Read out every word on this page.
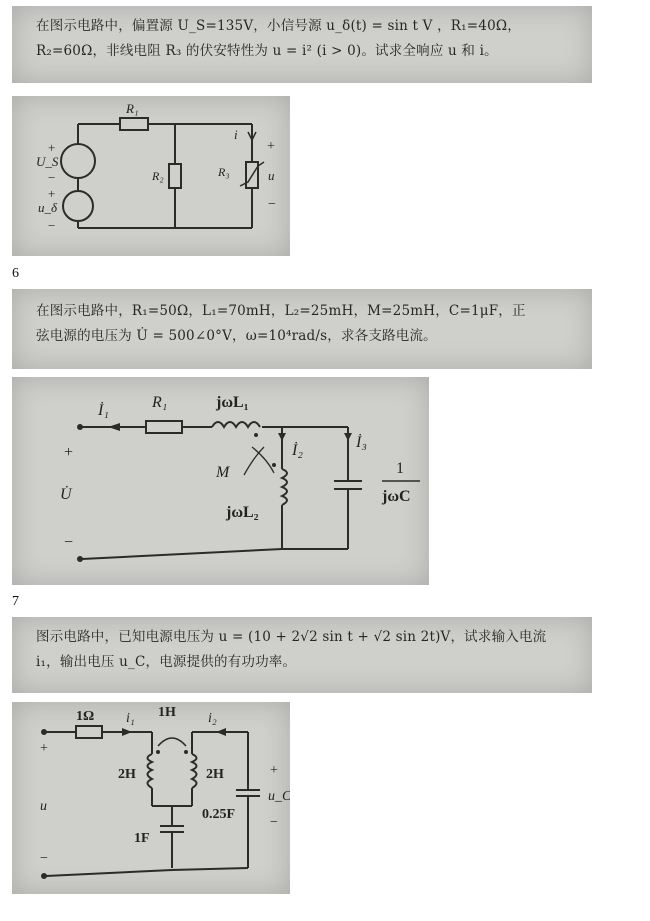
在图示电路中，偏置源 U_S=135V，小信号源 u_δ(t) = sin t V ，R₁=40Ω，
R₂=60Ω，非线电阻 R₃ 的伏安特性为 u = i² (i > 0)。试求全响应 u 和 i。
R₁
R₂	R₃
i
u
+
−
U_S
u_δ
+
−
+
−
6
在图示电路中，R₁=50Ω，L₁=70mH，L₂=25mH，M=25mH，C=1μF，正
弦电源的电压为 U̇ = 500∠0°V，ω=10⁴rad/s，求各支路电流。
İ₁	R₁	jωL₁
İ₂	İ₃
M
jωL₂
U̇
+
−
1
jωC
7
图示电路中，已知电源电压为 u = (10 + 2√2 sin t + √2 sin 2t)V，试求输入电流
i₁，输出电压 u_C，电源提供的有功功率。
1Ω i₁ 1H i₂
2H	2H
0.25F
1F
u
+
−
u_C
+
−
